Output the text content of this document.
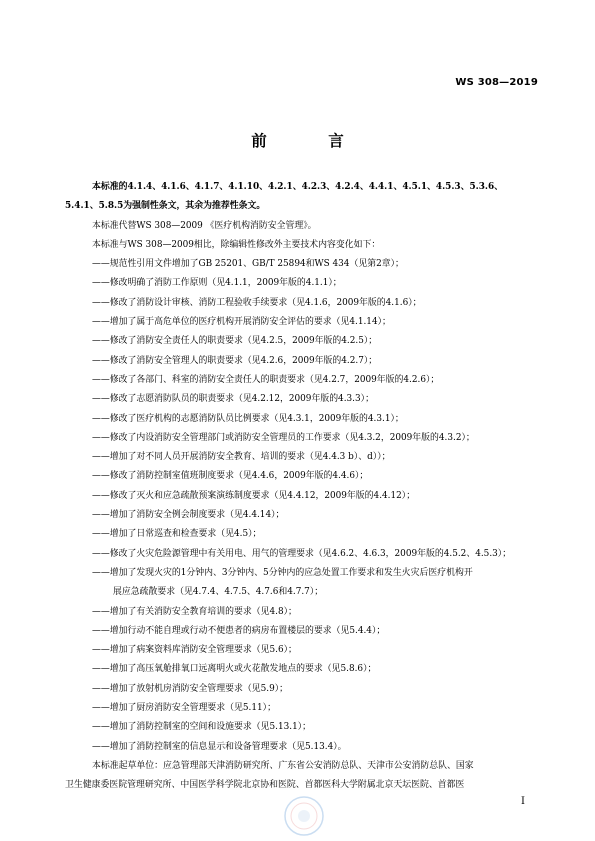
WS 308—2019
前 言

本标准的4.1.4、4.1.6、4.1.7、4.1.10、4.2.1、4.2.3、4.2.4、4.4.1、4.5.1、4.5.3、5.3.6、

5.4.1、5.8.5为强制性条文，其余为推荐性条文。

本标准代替WS 308—2009 《医疗机构消防安全管理》。

本标准与WS 308—2009相比，除编辑性修改外主要技术内容变化如下：

——规范性引用文件增加了GB 25201、GB/T 25894和WS 434（见第2章）；

——修改明确了消防工作原则（见4.1.1，2009年版的4.1.1）；

——修改了消防设计审核、消防工程验收手续要求（见4.1.6，2009年版的4.1.6）；

——增加了属于高危单位的医疗机构开展消防安全评估的要求（见4.1.14）；

——修改了消防安全责任人的职责要求（见4.2.5，2009年版的4.2.5）；

——修改了消防安全管理人的职责要求（见4.2.6，2009年版的4.2.7）；

——修改了各部门、科室的消防安全责任人的职责要求（见4.2.7，2009年版的4.2.6）；

——修改了志愿消防队员的职责要求（见4.2.12，2009年版的4.3.3）；

——修改了医疗机构的志愿消防队员比例要求（见4.3.1，2009年版的4.3.1）；

——修改了内设消防安全管理部门或消防安全管理员的工作要求（见4.3.2，2009年版的4.3.2）；

——增加了对不同人员开展消防安全教育、培训的要求（见4.4.3 b）、d））；

——修改了消防控制室值班制度要求（见4.4.6，2009年版的4.4.6）；

——修改了灭火和应急疏散预案演练制度要求（见4.4.12，2009年版的4.4.12）；

——增加了消防安全例会制度要求（见4.4.14）；

——增加了日常巡查和检查要求（见4.5）；

——修改了火灾危险源管理中有关用电、用气的管理要求（见4.6.2、4.6.3，2009年版的4.5.2、4.5.3）；

——增加了发现火灾的1分钟内、3分钟内、5分钟内的应急处置工作要求和发生火灾后医疗机构开

展应急疏散要求（见4.7.4、4.7.5、4.7.6和4.7.7）；

——增加了有关消防安全教育培训的要求（见4.8）；

——增加行动不能自理或行动不便患者的病房布置楼层的要求（见5.4.4）；

——增加了病案资料库消防安全管理要求（见5.6）；

——增加了高压氧舱排氧口远离明火或火花散发地点的要求（见5.8.6）；

——增加了放射机房消防安全管理要求（见5.9）；

——增加了厨房消防安全管理要求（见5.11）；

——增加了消防控制室的空间和设施要求（见5.13.1）；

——增加了消防控制室的信息显示和设备管理要求（见5.13.4）。

本标准起草单位：应急管理部天津消防研究所、广东省公安消防总队、天津市公安消防总队、国家

卫生健康委医院管理研究所、中国医学科学院北京协和医院、首都医科大学附属北京天坛医院、首都医

I
